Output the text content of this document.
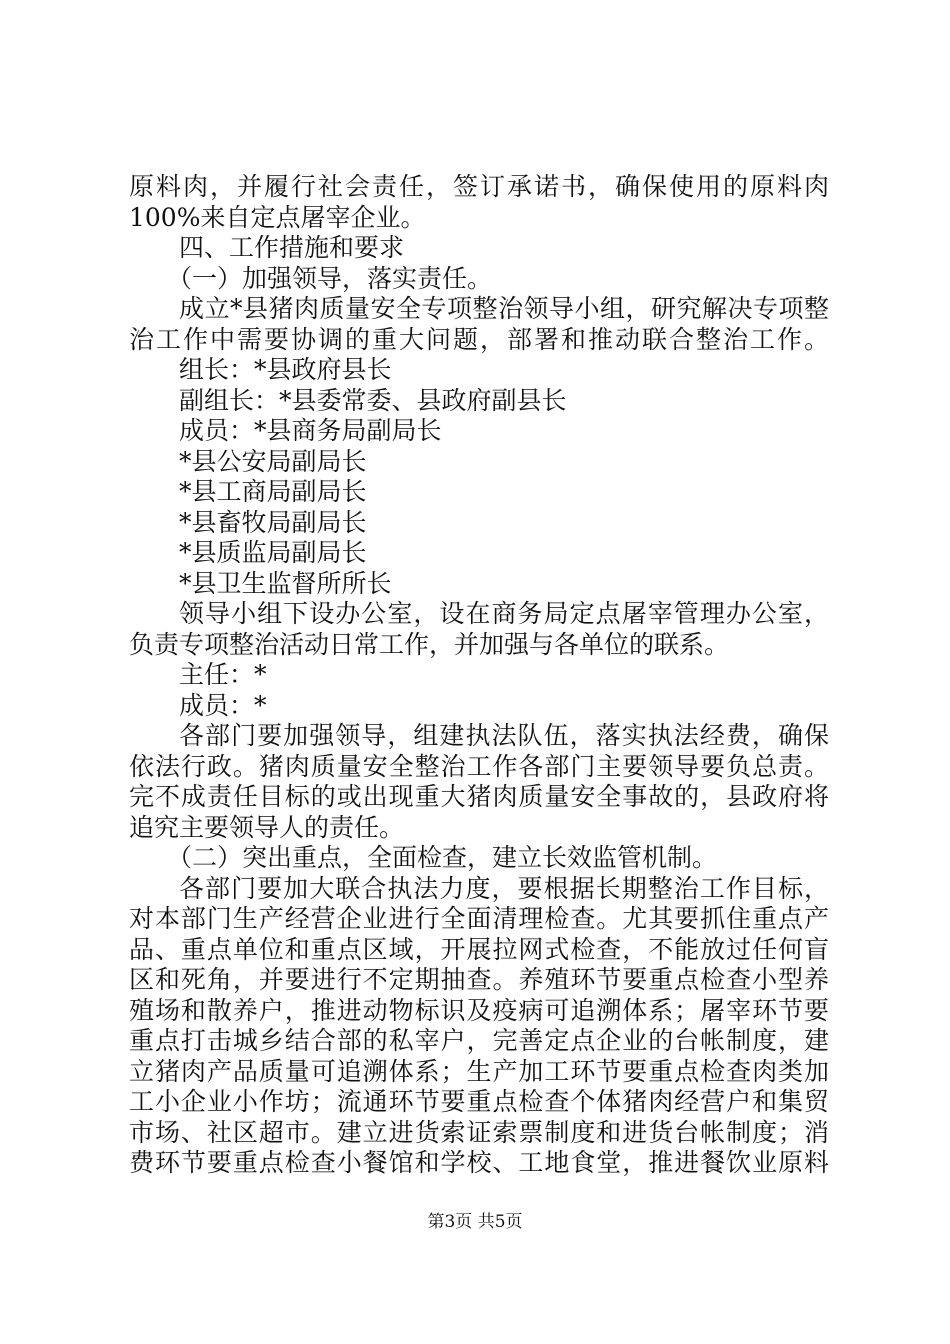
原料肉，并履行社会责任，签订承诺书，确保使用的原料肉
100%来自定点屠宰企业。
四、工作措施和要求
（一）加强领导，落实责任。
成立*县猪肉质量安全专项整治领导小组，研究解决专项整
治工作中需要协调的重大问题，部署和推动联合整治工作。
组长：*县政府县长
副组长：*县委常委、县政府副县长
成员：*县商务局副局长
*县公安局副局长
*县工商局副局长
*县畜牧局副局长
*县质监局副局长
*县卫生监督所所长
领导小组下设办公室，设在商务局定点屠宰管理办公室，
负责专项整治活动日常工作，并加强与各单位的联系。
主任：*
成员：*
各部门要加强领导，组建执法队伍，落实执法经费，确保
依法行政。猪肉质量安全整治工作各部门主要领导要负总责。
完不成责任目标的或出现重大猪肉质量安全事故的，县政府将
追究主要领导人的责任。
（二）突出重点，全面检查，建立长效监管机制。
各部门要加大联合执法力度，要根据长期整治工作目标，
对本部门生产经营企业进行全面清理检查。尤其要抓住重点产
品、重点单位和重点区域，开展拉网式检查，不能放过任何盲
区和死角，并要进行不定期抽查。养殖环节要重点检查小型养
殖场和散养户，推进动物标识及疫病可追溯体系；屠宰环节要
重点打击城乡结合部的私宰户，完善定点企业的台帐制度，建
立猪肉产品质量可追溯体系；生产加工环节要重点检查肉类加
工小企业小作坊；流通环节要重点检查个体猪肉经营户和集贸
市场、社区超市。建立进货索证索票制度和进货台帐制度；消
费环节要重点检查小餐馆和学校、工地食堂，推进餐饮业原料
第3页 共5页
